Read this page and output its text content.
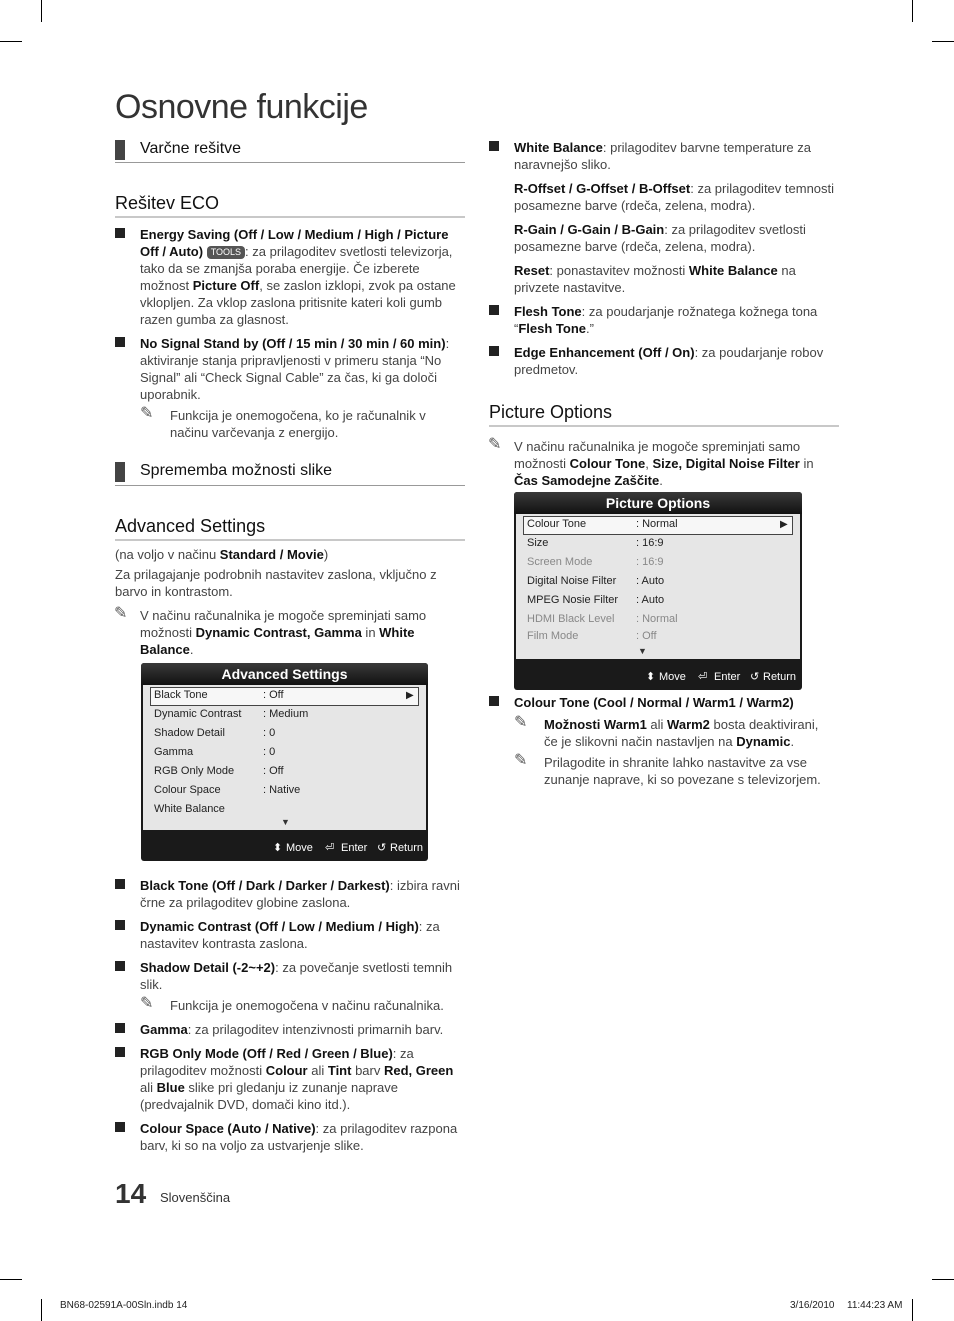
Osnovne funkcije
Varčne rešitve
Rešitev ECO
Energy Saving (Off / Low / Medium / High / Picture Off / Auto) TOOLS : za prilagoditev svetlosti televizorja, tako da se zmanjša poraba energije. Če izberete možnost Picture Off, se zaslon izklopi, zvok pa ostane vklopljen. Za vklop zaslona pritisnite kateri koli gumb razen gumba za glasnost.
No Signal Stand by (Off / 15 min / 30 min / 60 min): aktiviranje stanja pripravljenosti v primeru stanja “No Signal” ali “Check Signal Cable” za čas, ki ga določi uporabnik.
✎ Funkcija je onemogočena, ko je računalnik v načinu varčevanja z energijo.
Sprememba možnosti slike
Advanced Settings
(na voljo v načinu Standard / Movie)
Za prilagajanje podrobnih nastavitev zaslona, vključno z barvo in kontrastom.
✎ V načinu računalnika je mogoče spreminjati samo možnosti Dynamic Contrast, Gamma in White Balance.
Advanced Settings
Black Tone	: Off	▶
Dynamic Contrast : Medium
Shadow Detail	: 0
Gamma	: 0
RGB Only Mode	: Off
Colour Space	: Native
White Balance
▼
⬍ Move ⏎ Enter ↺ Return
Black Tone (Off / Dark / Darker / Darkest): izbira ravni črne za prilagoditev globine zaslona.
Dynamic Contrast (Off / Low / Medium / High): za nastavitev kontrasta zaslona.
Shadow Detail (-2~+2): za povečanje svetlosti temnih slik.
✎ Funkcija je onemogočena v načinu računalnika.
Gamma: za prilagoditev intenzivnosti primarnih barv.
RGB Only Mode (Off / Red / Green / Blue): za prilagoditev možnosti Colour ali Tint barv Red, Green ali Blue slike pri gledanju iz zunanje naprave (predvajalnik DVD, domači kino itd.).
Colour Space (Auto / Native): za prilagoditev razpona barv, ki so na voljo za ustvarjenje slike.
White Balance: prilagoditev barvne temperature za naravnejšo sliko.
R-Offset / G-Offset / B-Offset: za prilagoditev temnosti posamezne barve (rdeča, zelena, modra).
R-Gain / G-Gain / B-Gain: za prilagoditev svetlosti posamezne barve (rdeča, zelena, modra).
Reset: ponastavitev možnosti White Balance na privzete nastavitve.
Flesh Tone: za poudarjanje rožnatega kožnega tona “Flesh Tone.”
Edge Enhancement (Off / On): za poudarjanje robov predmetov.
Picture Options
✎ V načinu računalnika je mogoče spreminjati samo možnosti Colour Tone, Size, Digital Noise Filter in Čas Samodejne Zaščite.
Picture Options
Colour Tone	: Normal	▶
Size	: 16:9
Screen Mode	: 16:9
Digital Noise Filter : Auto
MPEG Nosie Filter : Auto
HDMI Black Level : Normal
Film Mode	: Off
▼
⬍ Move ⏎ Enter ↺ Return
Colour Tone (Cool / Normal / Warm1 / Warm2)
✎ Možnosti Warm1 ali Warm2 bosta deaktivirani, če je slikovni način nastavljen na Dynamic.
✎ Prilagodite in shranite lahko nastavitve za vse zunanje naprave, ki so povezane s televizorjem.
14 Slovenščina
BN68-02591A-00Sln.indb 14	3/16/2010 11:44:23 AM
